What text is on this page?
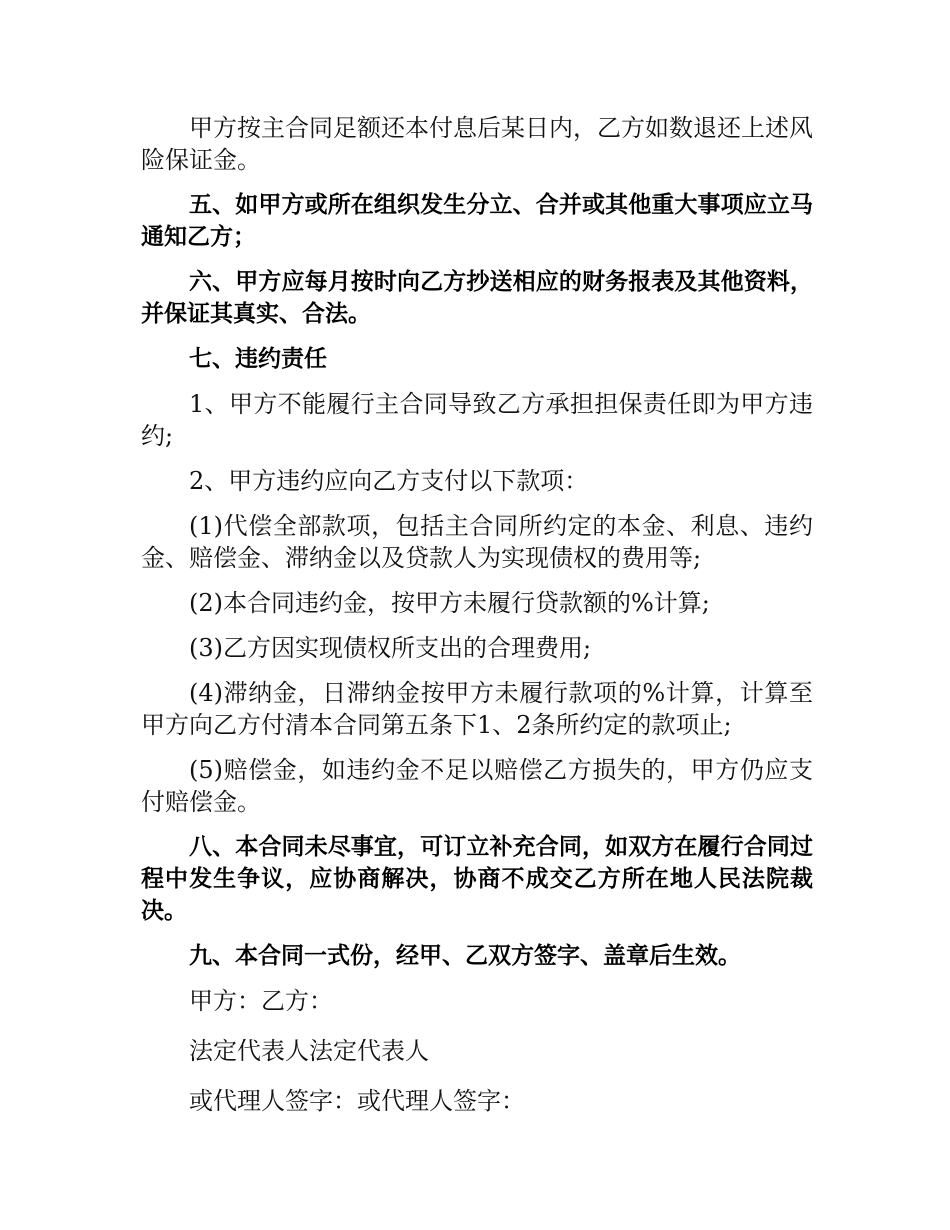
甲方按主合同足额还本付息后某日内，乙方如数退还上述风险保证金。

五、如甲方或所在组织发生分立、合并或其他重大事项应立马通知乙方；

六、甲方应每月按时向乙方抄送相应的财务报表及其他资料，并保证其真实、合法。

七、违约责任

1、甲方不能履行主合同导致乙方承担担保责任即为甲方违约;

2、甲方违约应向乙方支付以下款项：

(1)代偿全部款项，包括主合同所约定的本金、利息、违约金、赔偿金、滞纳金以及贷款人为实现债权的费用等;

(2)本合同违约金，按甲方未履行贷款额的%计算;

(3)乙方因实现债权所支出的合理费用;

(4)滞纳金，日滞纳金按甲方未履行款项的%计算，计算至甲方向乙方付清本合同第五条下1、2条所约定的款项止;

(5)赔偿金，如违约金不足以赔偿乙方损失的，甲方仍应支付赔偿金。

八、本合同未尽事宜，可订立补充合同，如双方在履行合同过程中发生争议，应协商解决，协商不成交乙方所在地人民法院裁决。

九、本合同一式份，经甲、乙双方签字、盖章后生效。

甲方：乙方：

法定代表人法定代表人

或代理人签字：或代理人签字：
